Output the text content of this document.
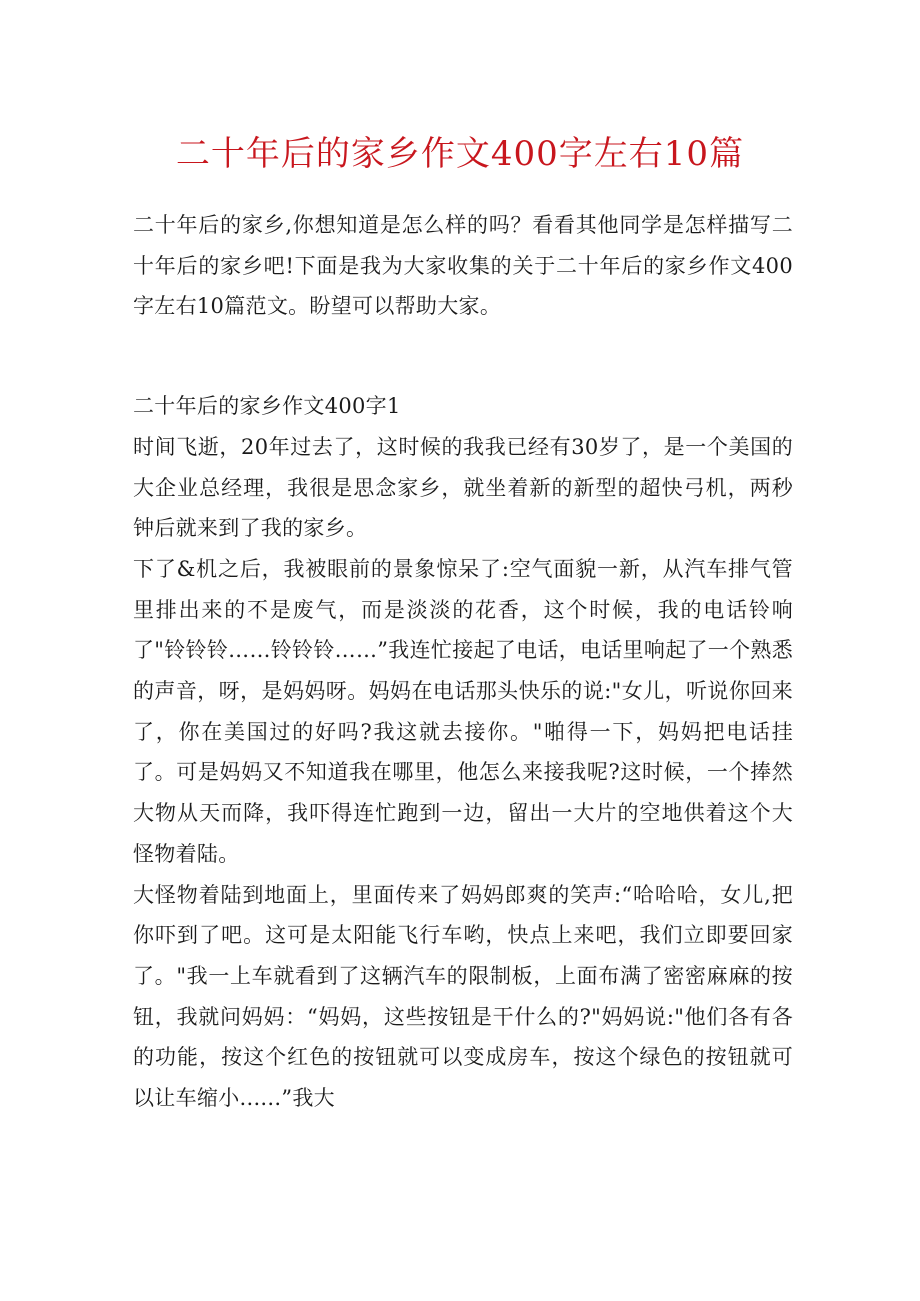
二十年后的家乡作文400字左右10篇

二十年后的家乡,你想知道是怎么样的吗？看看其他同学是怎样描写二十年后的家乡吧!下面是我为大家收集的关于二十年后的家乡作文400字左右10篇范文。盼望可以帮助大家。

二十年后的家乡作文400字1

时间飞逝，20年过去了，这时候的我我已经有30岁了，是一个美国的大企业总经理，我很是思念家乡，就坐着新的新型的超快弓机，两秒钟后就来到了我的家乡。

下了&机之后，我被眼前的景象惊呆了:空气面貌一新，从汽车排气管里排出来的不是废气，而是淡淡的花香，这个时候，我的电话铃响了"铃铃铃……铃铃铃……”我连忙接起了电话，电话里响起了一个熟悉的声音，呀，是妈妈呀。妈妈在电话那头快乐的说:"女儿，听说你回来了，你在美国过的好吗?我这就去接你。"啪得一下，妈妈把电话挂了。可是妈妈又不知道我在哪里，他怎么来接我呢?这时候，一个捧然大物从天而降，我吓得连忙跑到一边，留出一大片的空地供着这个大怪物着陆。

大怪物着陆到地面上，里面传来了妈妈郎爽的笑声:“哈哈哈，女儿,把你吓到了吧。这可是太阳能飞行车哟，快点上来吧，我们立即要回家了。"我一上车就看到了这辆汽车的限制板，上面布满了密密麻麻的按钮，我就问妈妈：“妈妈，这些按钮是干什么的?"妈妈说:"他们各有各的功能，按这个红色的按钮就可以变成房车，按这个绿色的按钮就可以让车缩小......”我大
